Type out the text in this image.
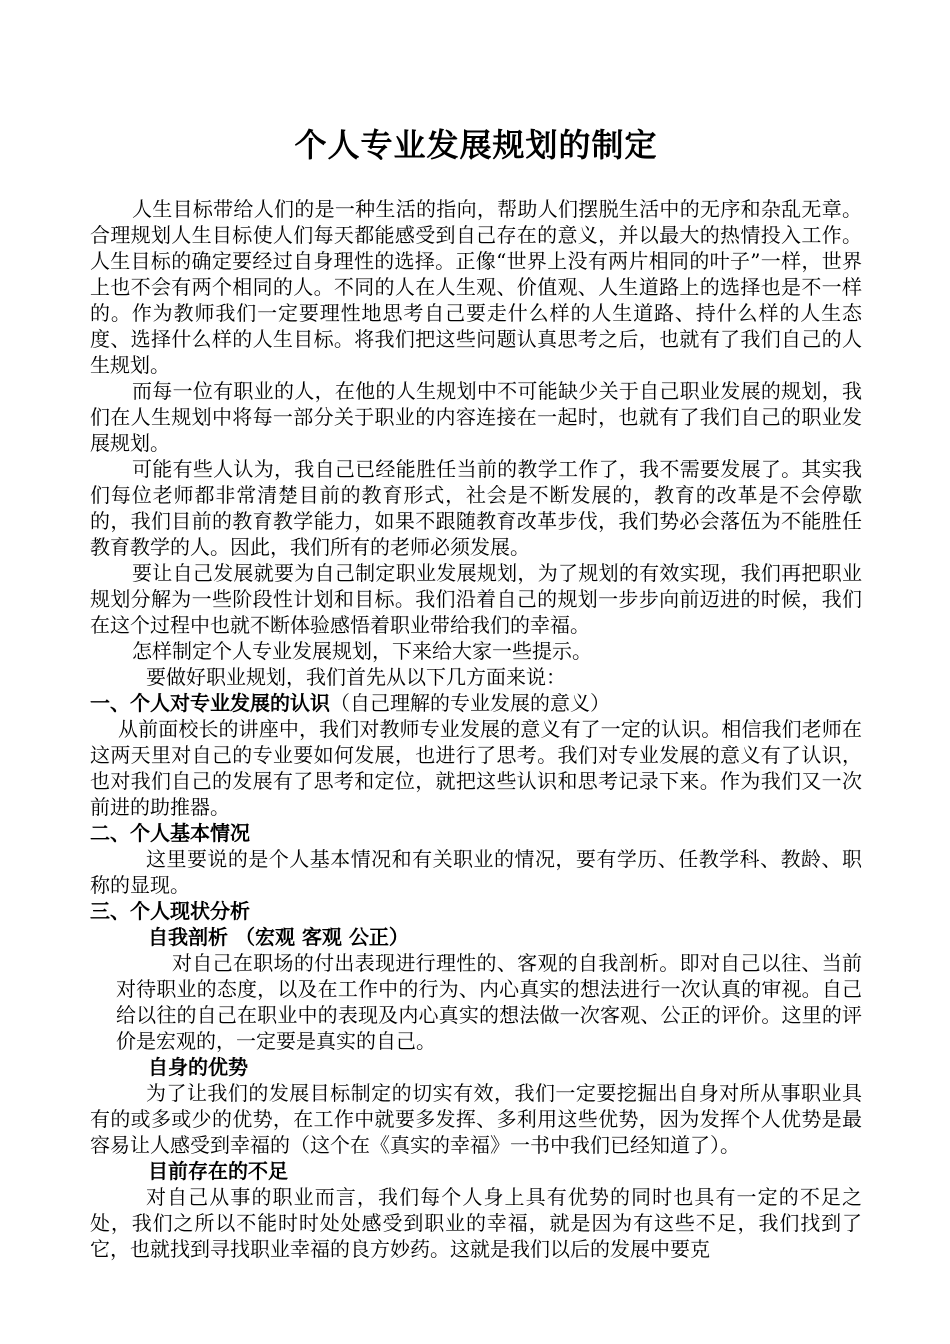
个人专业发展规划的制定

人生目标带给人们的是一种生活的指向，帮助人们摆脱生活中的无序和杂乱无章。合理规划人生目标使人们每天都能感受到自己存在的意义，并以最大的热情投入工作。人生目标的确定要经过自身理性的选择。正像“世界上没有两片相同的叶子”一样，世界上也不会有两个相同的人。不同的人在人生观、价值观、人生道路上的选择也是不一样的。作为教师我们一定要理性地思考自己要走什么样的人生道路、持什么样的人生态度、选择什么样的人生目标。将我们把这些问题认真思考之后，也就有了我们自己的人生规划。

而每一位有职业的人，在他的人生规划中不可能缺少关于自己职业发展的规划，我们在人生规划中将每一部分关于职业的内容连接在一起时，也就有了我们自己的职业发展规划。

可能有些人认为，我自己已经能胜任当前的教学工作了，我不需要发展了。其实我们每位老师都非常清楚目前的教育形式，社会是不断发展的，教育的改革是不会停歇的，我们目前的教育教学能力，如果不跟随教育改革步伐，我们势必会落伍为不能胜任教育教学的人。因此，我们所有的老师必须发展。

要让自己发展就要为自己制定职业发展规划，为了规划的有效实现，我们再把职业规划分解为一些阶段性计划和目标。我们沿着自己的规划一步步向前迈进的时候，我们在这个过程中也就不断体验感悟着职业带给我们的幸福。

怎样制定个人专业发展规划，下来给大家一些提示。

要做好职业规划，我们首先从以下几方面来说：

一、个人对专业发展的认识（自己理解的专业发展的意义）

从前面校长的讲座中，我们对教师专业发展的意义有了一定的认识。相信我们老师在这两天里对自己的专业要如何发展，也进行了思考。我们对专业发展的意义有了认识，也对我们自己的发展有了思考和定位，就把这些认识和思考记录下来。作为我们又一次前进的助推器。

二、个人基本情况

这里要说的是个人基本情况和有关职业的情况，要有学历、任教学科、教龄、职称的显现。

三、个人现状分析
自我剖析 （宏观 客观 公正）

对自己在职场的付出表现进行理性的、客观的自我剖析。即对自己以往、当前对待职业的态度，以及在工作中的行为、内心真实的想法进行一次认真的审视。自己给以往的自己在职业中的表现及内心真实的想法做一次客观、公正的评价。这里的评价是宏观的，一定要是真实的自己。

自身的优势

为了让我们的发展目标制定的切实有效，我们一定要挖掘出自身对所从事职业具有的或多或少的优势，在工作中就要多发挥、多利用这些优势，因为发挥个人优势是最容易让人感受到幸福的（这个在《真实的幸福》一书中我们已经知道了）。

目前存在的不足

对自己从事的职业而言，我们每个人身上具有优势的同时也具有一定的不足之处，我们之所以不能时时处处感受到职业的幸福，就是因为有这些不足，我们找到了它，也就找到寻找职业幸福的良方妙药。这就是我们以后的发展中要克
